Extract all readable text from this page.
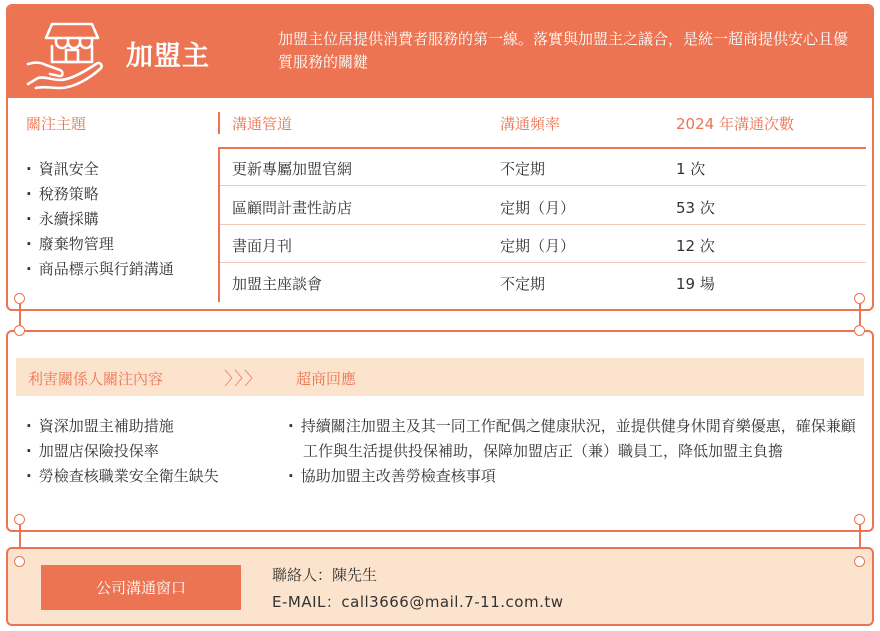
加盟主
加盟主位居提供消費者服務的第一線。落實與加盟主之議合，是統一超商提供安心且優質服務的關鍵
關注主題	溝通管道	溝通頻率	2024 年溝通次數
· 資訊安全
· 稅務策略
· 永續採購
· 廢棄物管理
· 商品標示與行銷溝通
更新專屬加盟官網	不定期	1 次
區顧問計畫性訪店	定期（月）	53 次
書面月刊	定期（月）	12 次
加盟主座談會	不定期	19 場
利害關係人關注內容	〉〉〉 超商回應
· 資深加盟主補助措施
· 加盟店保險投保率
· 勞檢查核職業安全衛生缺失
· 持續關注加盟主及其一同工作配偶之健康狀況，並提供健身休閒育樂優惠，確保兼顧工作與生活提供投保補助，保障加盟店正（兼）職員工，降低加盟主負擔
· 協助加盟主改善勞檢查核事項
公司溝通窗口
聯絡人：陳先生
E-MAIL：call3666@mail.7-11.com.tw
